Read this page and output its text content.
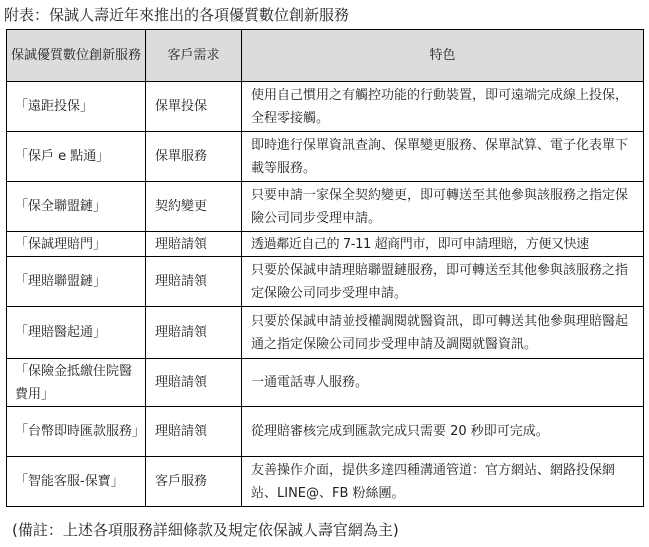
附表：保誠人壽近年來推出的各項優質數位創新服務
保誠優質數位創新服務	客戶需求	特色
「遠距投保」	保單投保	使用自己慣用之有觸控功能的行動裝置，即可遠端完成線上投保，全程零接觸。
「保戶 e 點通」	保單服務	即時進行保單資訊查詢、保單變更服務、保單試算、電子化表單下載等服務。
「保全聯盟鏈」	契約變更	只要申請一家保全契約變更，即可轉送至其他參與該服務之指定保險公司同步受理申請。
「保誠理賠門」	理賠請領	透過鄰近自己的 7-11 超商門市，即可申請理賠，方便又快速
「理賠聯盟鏈」	理賠請領	只要於保誠申請理賠聯盟鏈服務，即可轉送至其他參與該服務之指定保險公司同步受理申請。
「理賠醫起通」	理賠請領	只要於保誠申請並授權調閱就醫資訊，即可轉送其他參與理賠醫起通之指定保險公司同步受理申請及調閱就醫資訊。
「保險金抵繳住院醫費用」	理賠請領	一通電話專人服務。
「台幣即時匯款服務」	理賠請領	從理賠審核完成到匯款完成只需要 20 秒即可完成。
「智能客服-保寶」	客戶服務	友善操作介面，提供多達四種溝通管道：官方網站、網路投保網站、LINE@、FB 粉絲團。
(備註：上述各項服務詳細條款及規定依保誠人壽官網為主)
